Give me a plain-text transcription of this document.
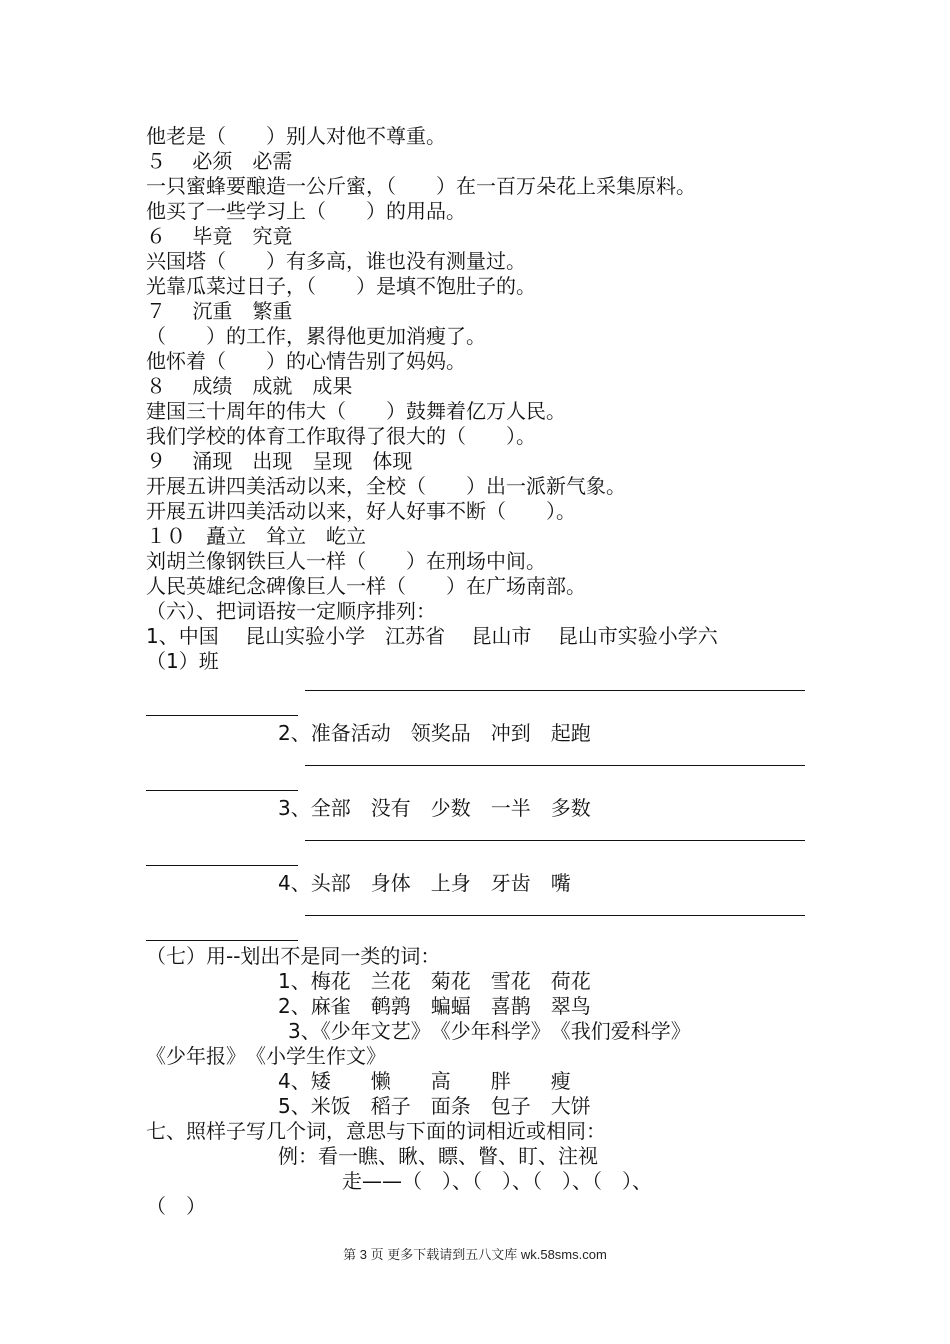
他老是（　　）别人对他不尊重。
５　 必须　必需
一只蜜蜂要酿造一公斤蜜，（　　）在一百万朵花上采集原料。
他买了一些学习上（　　）的用品。
６　 毕竟　究竟
兴国塔（　　）有多高，谁也没有测量过。
光靠瓜菜过日子，（　　）是填不饱肚子的。
７　 沉重　繁重
（　　）的工作，累得他更加消瘦了。
他怀着（　　）的心情告别了妈妈。
８　 成绩　成就　成果
建国三十周年的伟大（　　）鼓舞着亿万人民。
我们学校的体育工作取得了很大的（　　）。
９　 涌现　出现　呈现　体现
开展五讲四美活动以来，全校（　　）出一派新气象。
开展五讲四美活动以来，好人好事不断（　　）。
１０　矗立　耸立　屹立
刘胡兰像钢铁巨人一样（　　）在刑场中间。
人民英雄纪念碑像巨人一样（　　）在广场南部。
（六）、把词语按一定顺序排列：
1、中国　 昆山实验小学　江苏省　 昆山市　 昆山市实验小学六
（1）班
2、准备活动　领奖品　冲到　起跑
3、全部　没有　少数　一半　多数
4、头部　身体　上身　牙齿　嘴
（七）用--划出不是同一类的词：
1、梅花　兰花　菊花　雪花　荷花
2、麻雀　鹌鹑　蝙蝠　喜鹊　翠鸟
3、《少年文艺》　《少年科学》　《我们爱科学》
《少年报》　《小学生作文》
4、矮　　懒　　高　　胖　　瘦
5、米饭　稻子　面条　包子　大饼
七、照样子写几个词，意思与下面的词相近或相同：
例：看一瞧、瞅、瞟、瞥、盯、注视
走——（　）、（　）、（　）、（　）、
（　）
第 3 页 更多下载请到五八文库 wk.58sms.com
